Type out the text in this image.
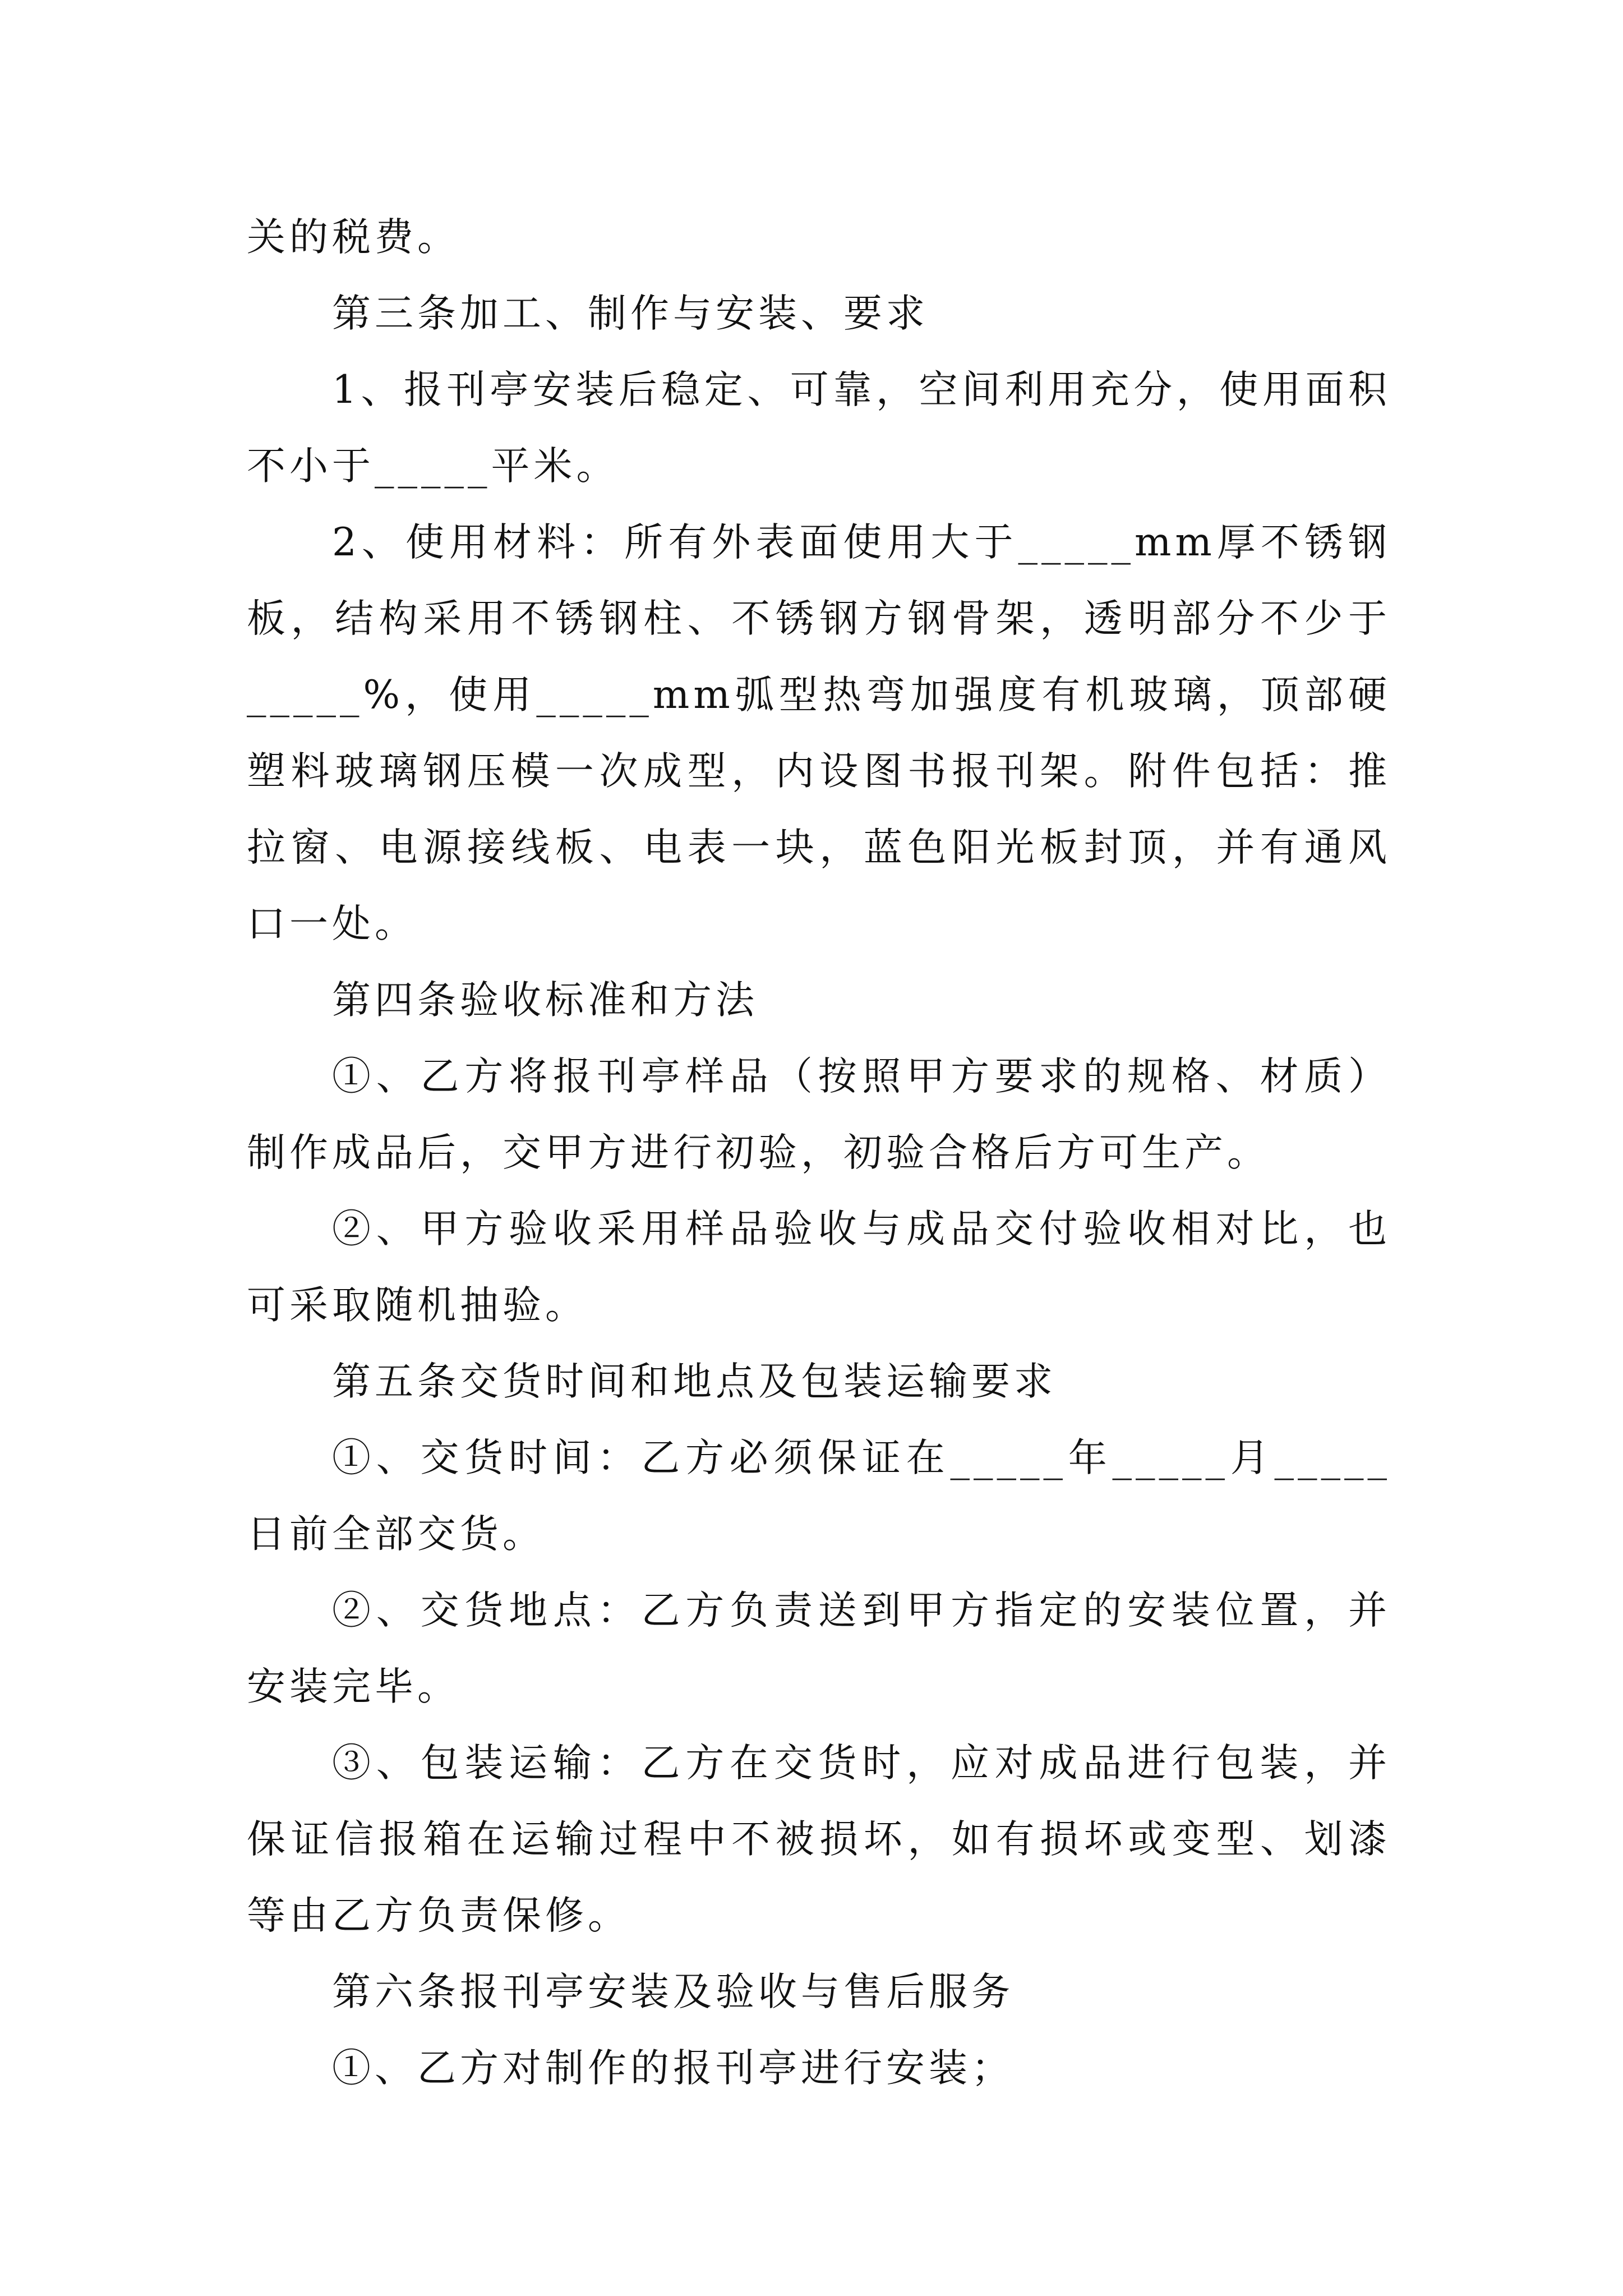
关的税费。

第三条加工、制作与安装、要求

1、报刊亭安装后稳定、可靠，空间利用充分，使用面积不小于_____平米。

2、使用材料：所有外表面使用大于_____mm厚不锈钢板，结构采用不锈钢柱、不锈钢方钢骨架，透明部分不少于_____%，使用_____mm弧型热弯加强度有机玻璃，顶部硬塑料玻璃钢压模一次成型，内设图书报刊架。附件包括：推拉窗、电源接线板、电表一块，蓝色阳光板封顶，并有通风口一处。

第四条验收标准和方法

①、乙方将报刊亭样品（按照甲方要求的规格、材质）制作成品后，交甲方进行初验，初验合格后方可生产。

②、甲方验收采用样品验收与成品交付验收相对比，也可采取随机抽验。

第五条交货时间和地点及包装运输要求

①、交货时间：乙方必须保证在_____年_____月_____日前全部交货。

②、交货地点：乙方负责送到甲方指定的安装位置，并安装完毕。

③、包装运输：乙方在交货时，应对成品进行包装，并保证信报箱在运输过程中不被损坏，如有损坏或变型、划漆等由乙方负责保修。

第六条报刊亭安装及验收与售后服务

①、乙方对制作的报刊亭进行安装；
